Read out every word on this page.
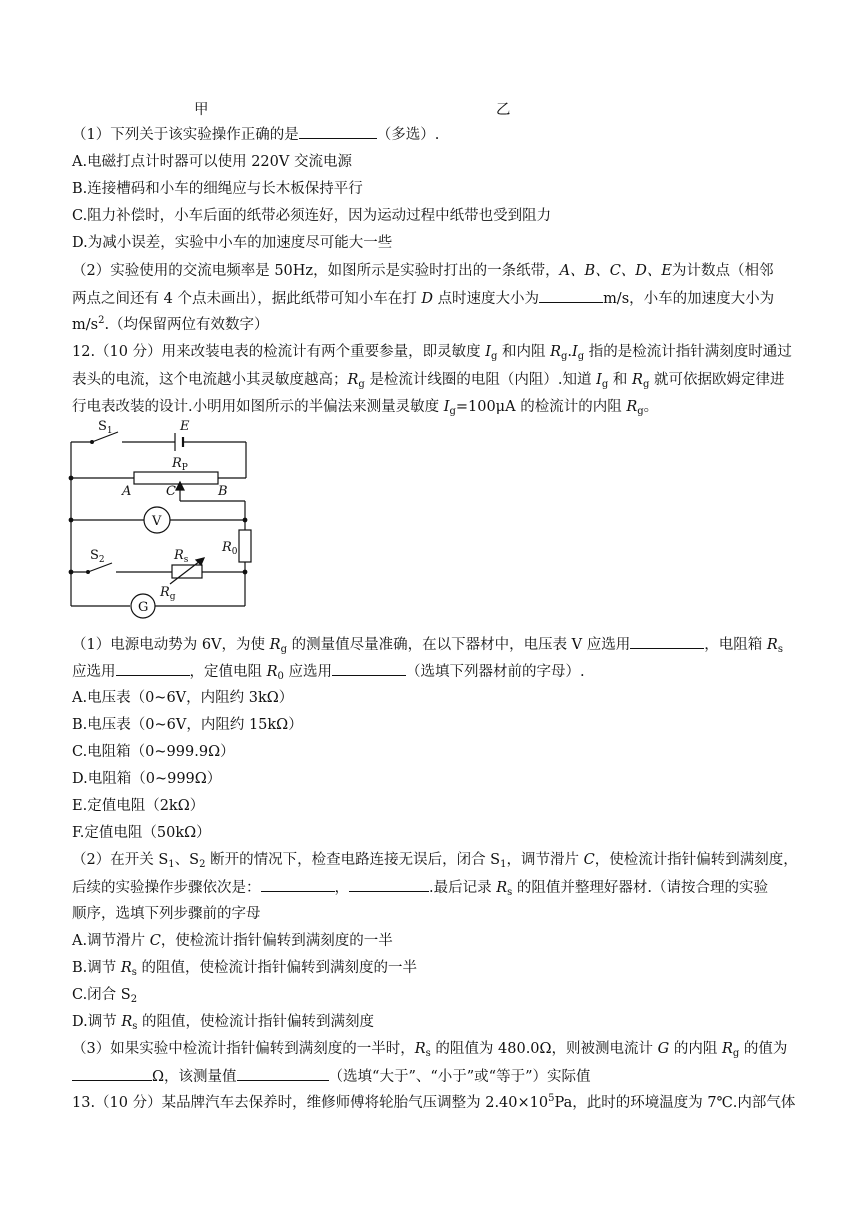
甲	乙
（1）下列关于该实验操作正确的是	（多选）.
A.电磁打点计时器可以使用 220V 交流电源
B.连接槽码和小车的细绳应与长木板保持平行
C.阻力补偿时，小车后面的纸带必须连好，因为运动过程中纸带也受到阻力
D.为减小误差，实验中小车的加速度尽可能大一些
（2）实验使用的交流电频率是 50Hz，如图所示是实验时打出的一条纸带，A、B、C、D、E为计数点（相邻
两点之间还有 4 个点未画出），据此纸带可知小车在打 D 点时速度大小为	m/s，小车的加速度大小为
$m/s^2$.（均保留两位有效数字）
12.（10 分）用来改装电表的检流计有两个重要参量，即灵敏度 $I_g$ 和内阻 $R_g.I_g$ 指的是检流计指针满刻度时通过
表头的电流，这个电流越小其灵敏度越高；$R_g$ 是检流计线圈的电阻（内阻）.知道 $I_g$ 和 $R_g$ 就可依据欧姆定律进
行电表改装的设计.小明用如图所示的半偏法来测量灵敏度 $I_g=100\mu A$ 的检流计的内阻 $R_g$。
$S_1$	E
$R_P$
A	C	B
V
$R_0$
$S_2$	$R_s$
G
$R_g$
（1）电源电动势为 6V，为使 $R_g$ 的测量值尽量准确，在以下器材中，电压表 V 应选用	，电阻箱 $R_s$
应选用	，定值电阻 $R_0$ 应选用	（选填下列器材前的字母）.
A.电压表（0~6V，内阻约 3kΩ）
B.电压表（0~6V，内阻约 15kΩ）
C.电阻箱（0~999.9Ω）
D.电阻箱（0~999Ω）
E.定值电阻（2kΩ）
F.定值电阻（50kΩ）
（2）在开关 $S_1$、$S_2$ 断开的情况下，检查电路连接无误后，闭合 $S_1$，调节滑片 C，使检流计指针偏转到满刻度，
后续的实验操作步骤依次是：	，	.最后记录 $R_s$ 的阻值并整理好器材.（请按合理的实验
顺序，选填下列步骤前的字母
A.调节滑片 C，使检流计指针偏转到满刻度的一半
B.调节 $R_s$ 的阻值，使检流计指针偏转到满刻度的一半
C.闭合 $S_2$
D.调节 $R_s$ 的阻值，使检流计指针偏转到满刻度
（3）如果实验中检流计指针偏转到满刻度的一半时，$R_s$ 的阻值为 480.0Ω，则被测电流计 G 的内阻 $R_g$ 的值为
Ω，该测量值	（选填“大于”、“小于”或“等于”）实际值
13.（10 分）某品牌汽车去保养时，维修师傅将轮胎气压调整为 $2.40\times 10^5Pa$，此时的环境温度为 7℃.内部气体
